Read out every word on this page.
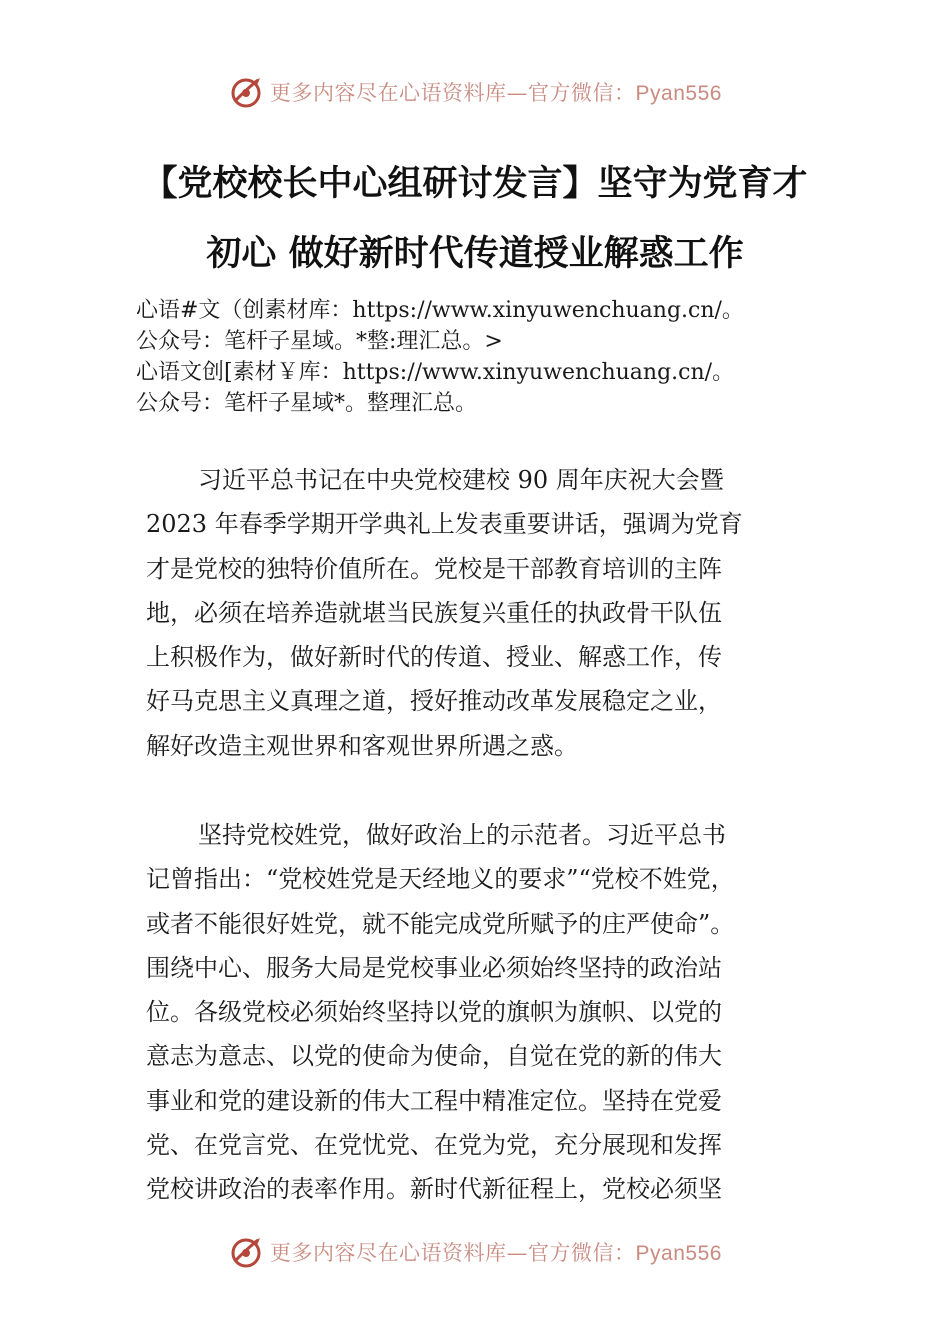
更多内容尽在心语资料库—官方微信：Pyan556
【党校校长中心组研讨发言】坚守为党育才
初心 做好新时代传道授业解惑工作
心语#文（创素材库：https://www.xinyuwenchuang.cn/。
公众号：笔杆子星域。*整:理汇总。>
心语文创[素材￥库：https://www.xinyuwenchuang.cn/。
公众号：笔杆子星域*。整理汇总。
习近平总书记在中央党校建校 90 周年庆祝大会暨
2023 年春季学期开学典礼上发表重要讲话，强调为党育
才是党校的独特价值所在。党校是干部教育培训的主阵
地，必须在培养造就堪当民族复兴重任的执政骨干队伍
上积极作为，做好新时代的传道、授业、解惑工作，传
好马克思主义真理之道，授好推动改革发展稳定之业，
解好改造主观世界和客观世界所遇之惑。
坚持党校姓党，做好政治上的示范者。习近平总书
记曾指出：“党校姓党是天经地义的要求”“党校不姓党，
或者不能很好姓党，就不能完成党所赋予的庄严使命”。
围绕中心、服务大局是党校事业必须始终坚持的政治站
位。各级党校必须始终坚持以党的旗帜为旗帜、以党的
意志为意志、以党的使命为使命，自觉在党的新的伟大
事业和党的建设新的伟大工程中精准定位。坚持在党爱
党、在党言党、在党忧党、在党为党，充分展现和发挥
党校讲政治的表率作用。新时代新征程上，党校必须坚
更多内容尽在心语资料库—官方微信：Pyan556
